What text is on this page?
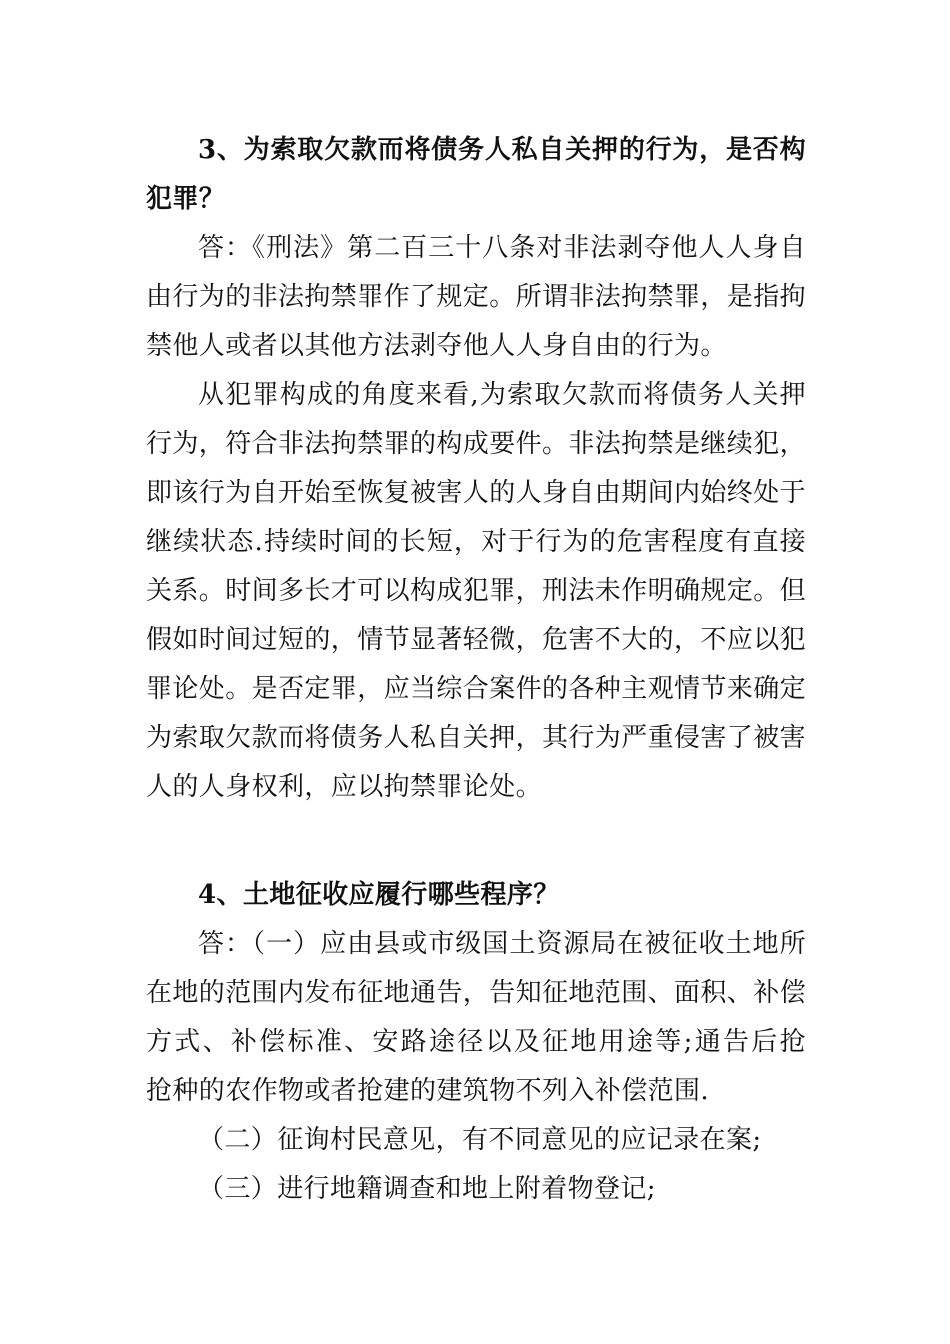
3、为索取欠款而将债务人私自关押的行为，是否构
犯罪？
答：《刑法》第二百三十八条对非法剥夺他人人身自
由行为的非法拘禁罪作了规定。所谓非法拘禁罪，是指拘
禁他人或者以其他方法剥夺他人人身自由的行为。
从犯罪构成的角度来看,为索取欠款而将债务人关押
行为，符合非法拘禁罪的构成要件。非法拘禁是继续犯，
即该行为自开始至恢复被害人的人身自由期间内始终处于
继续状态.持续时间的长短，对于行为的危害程度有直接
关系。时间多长才可以构成犯罪，刑法未作明确规定。但
假如时间过短的，情节显著轻微，危害不大的，不应以犯
罪论处。是否定罪，应当综合案件的各种主观情节来确定
为索取欠款而将债务人私自关押，其行为严重侵害了被害
人的人身权利，应以拘禁罪论处。
4、土地征收应履行哪些程序？
答：（一）应由县或市级国土资源局在被征收土地所
在地的范围内发布征地通告，告知征地范围、面积、补偿
方式、补偿标准、安路途径以及征地用途等;通告后抢
抢种的农作物或者抢建的建筑物不列入补偿范围.
（二）征询村民意见，有不同意见的应记录在案;
（三）进行地籍调查和地上附着物登记;
